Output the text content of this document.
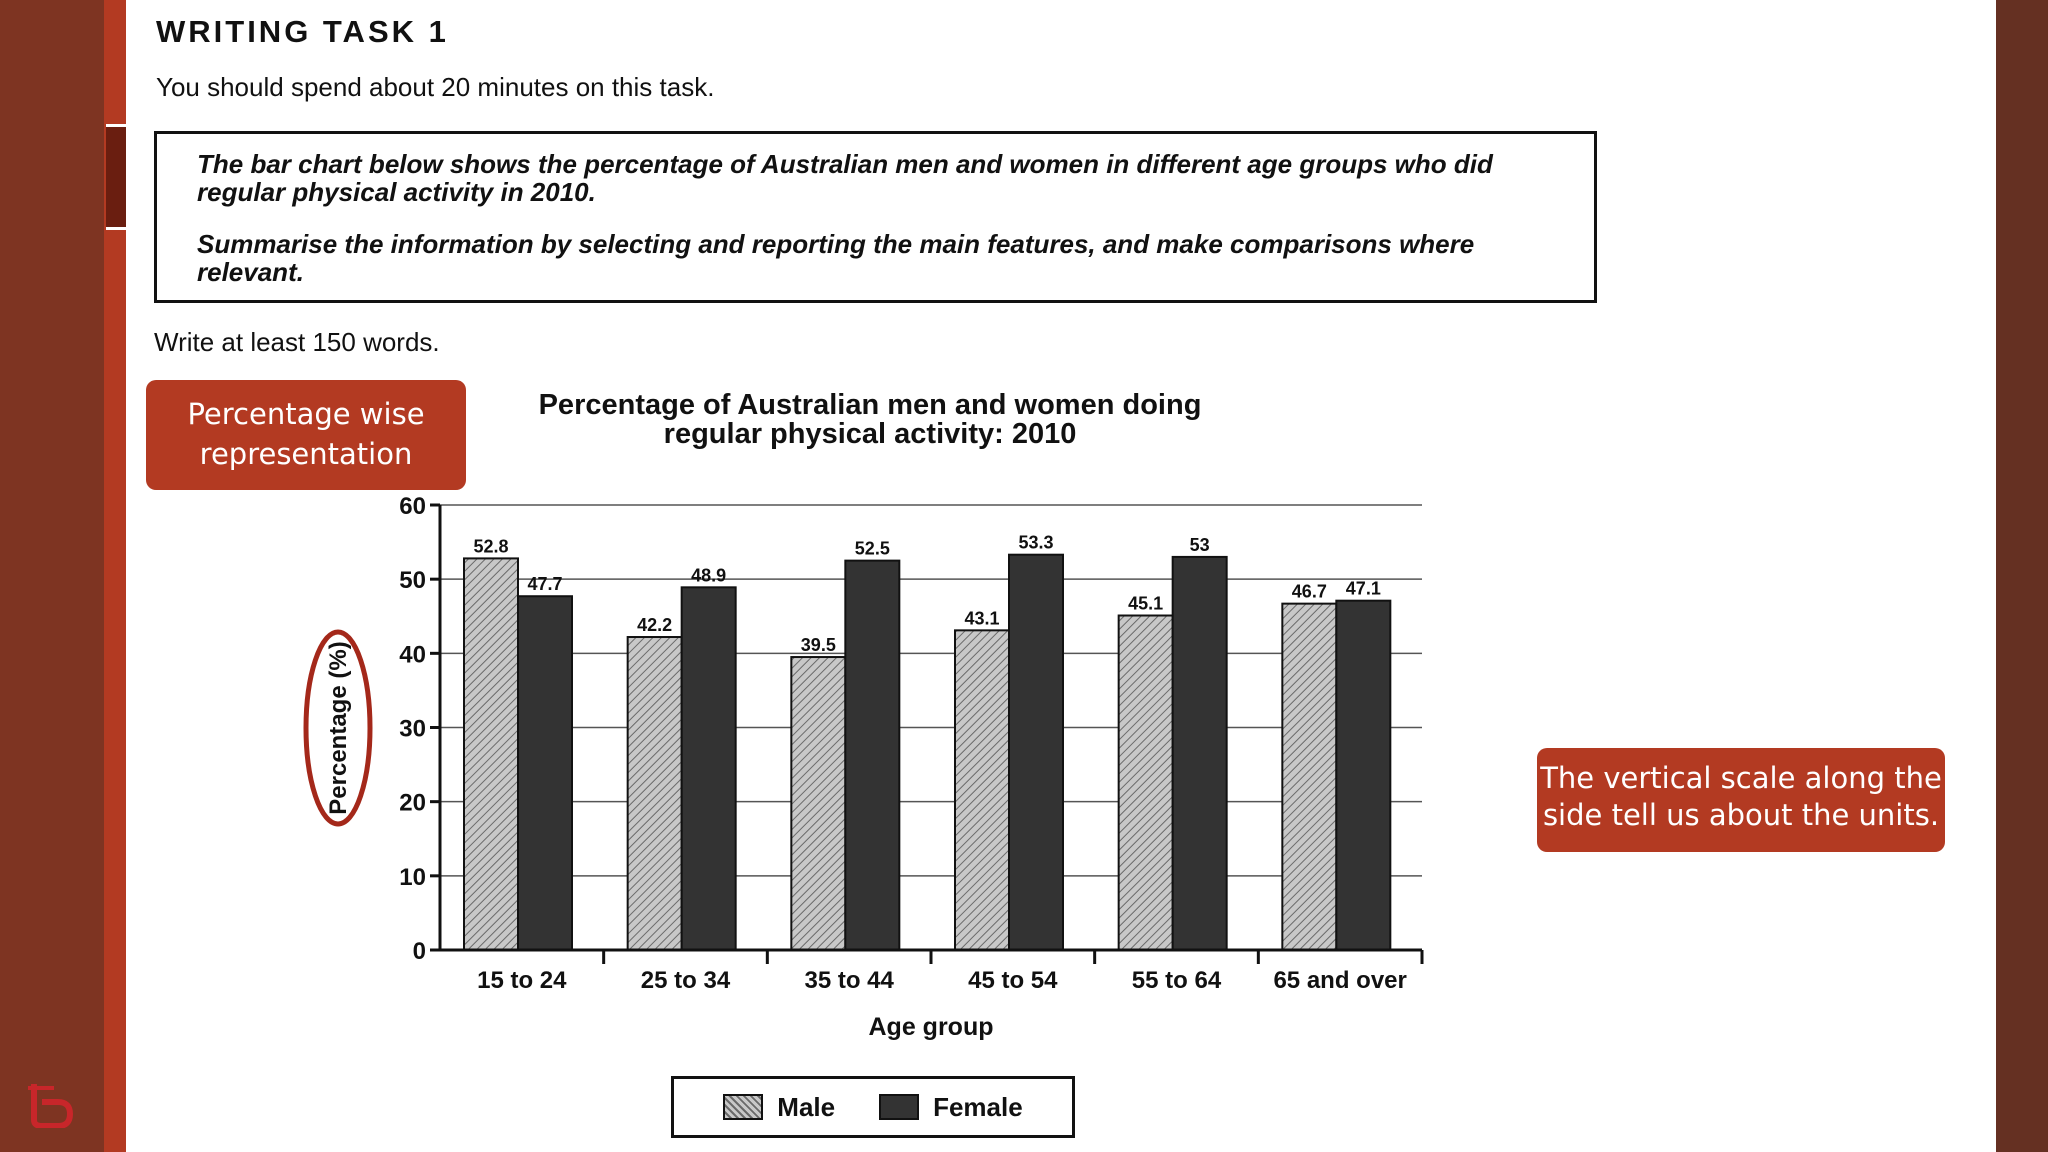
WRITING TASK 1
You should spend about 20 minutes on this task.

The bar chart below shows the percentage of Australian men and women in different age groups who did regular physical activity in 2010.

Summarise the information by selecting and reporting the main features, and make comparisons where relevant.

Write at least 150 words.
Percentage of Australian men and women doing
regular physical activity: 2010
0
10
20
30
40
50
60
15 to 24
52.8
47.7
25 to 34
42.2
48.9
35 to 44
39.5
52.5
45 to 54
43.1
53.3
55 to 64
45.1
53
65 and over
46.7 47.1
Age group
Percentage (%)
Percentage wise representation
The vertical scale along the side tell us about the units.
Male	Female
